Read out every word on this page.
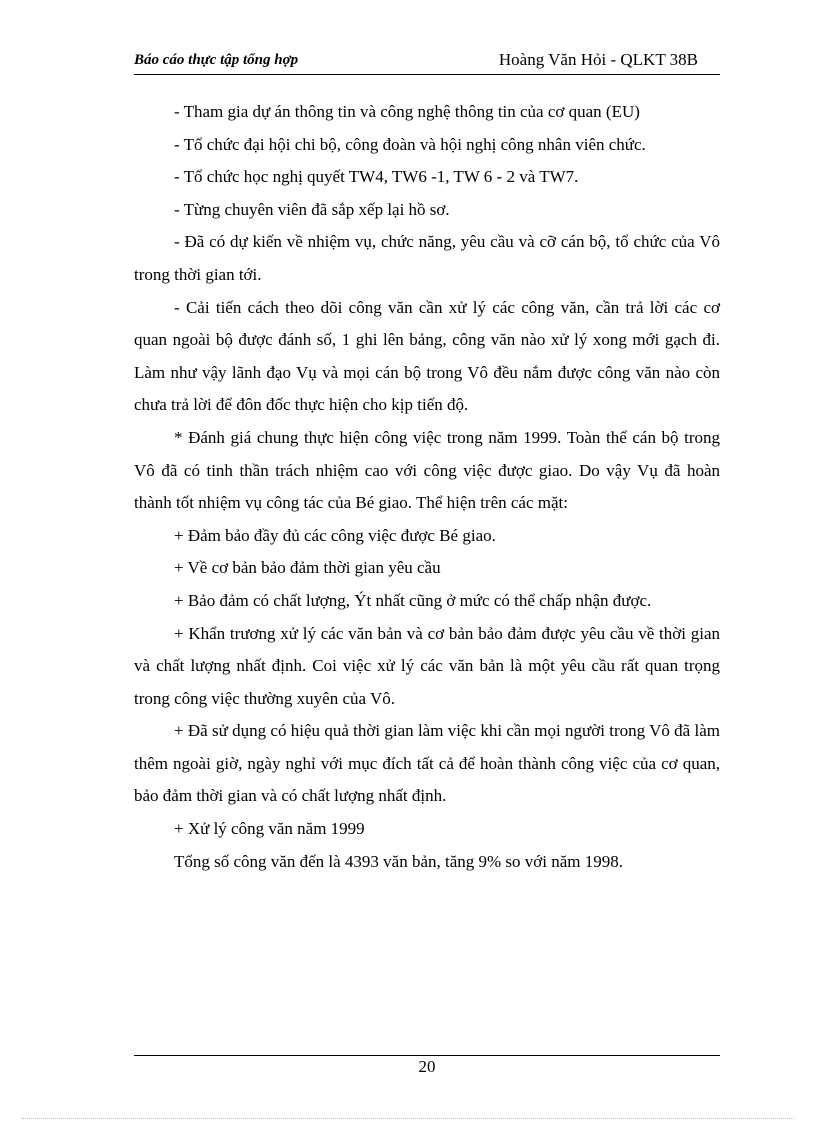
Báo cáo thực tập tổng hợp	Hoàng Văn Hỏi - QLKT 38B

- Tham gia dự án thông tin và công nghệ thông tin của cơ quan (EU)

- Tổ chức đại hội chi bộ, công đoàn và hội nghị công nhân viên chức.

- Tổ chức học nghị quyết TW4, TW6 -1, TW 6 - 2 và TW7.

- Từng chuyên viên đã sắp xếp lại hồ sơ.

- Đã có dự kiến về nhiệm vụ, chức năng, yêu cầu và cỡ cán bộ, tổ chức của Vô trong thời gian tới.

- Cải tiến cách theo dõi công văn cần xử lý các công văn, cần trả lời các cơ quan ngoài bộ được đánh số, 1 ghi lên bảng, công văn nào xử lý xong mới gạch đi. Làm như vậy lãnh đạo Vụ và mọi cán bộ trong Vô đều nắm được công văn nào còn chưa trả lời để đôn đốc thực hiện cho kịp tiến độ.

* Đánh giá chung thực hiện công việc trong năm 1999. Toàn thể cán bộ trong Vô đã có tinh thần trách nhiệm cao với công việc được giao. Do vậy Vụ đã hoàn thành tốt nhiệm vụ công tác của Bé giao. Thể hiện trên các mặt:

+ Đảm bảo đầy đủ các công việc được Bé giao.

+ Về cơ bản bảo đảm thời gian yêu cầu

+ Bảo đảm có chất lượng, Ýt nhất cũng ở mức có thể chấp nhận được.

+ Khẩn trương xử lý các văn bản và cơ bản bảo đảm được yêu cầu về thời gian và chất lượng nhất định. Coi việc xử lý các văn bản là một yêu cầu rất quan trọng trong công việc thường xuyên của Vô.

+ Đã sử dụng có hiệu quả thời gian làm việc khi cần mọi người trong Vô đã làm thêm ngoài giờ, ngày nghỉ với mục đích tất cả để hoàn thành công việc của cơ quan, bảo đảm thời gian và có chất lượng nhất định.

+ Xử lý công văn năm 1999

Tổng số công văn đến là 4393 văn bản, tăng 9% so với năm 1998.

20
